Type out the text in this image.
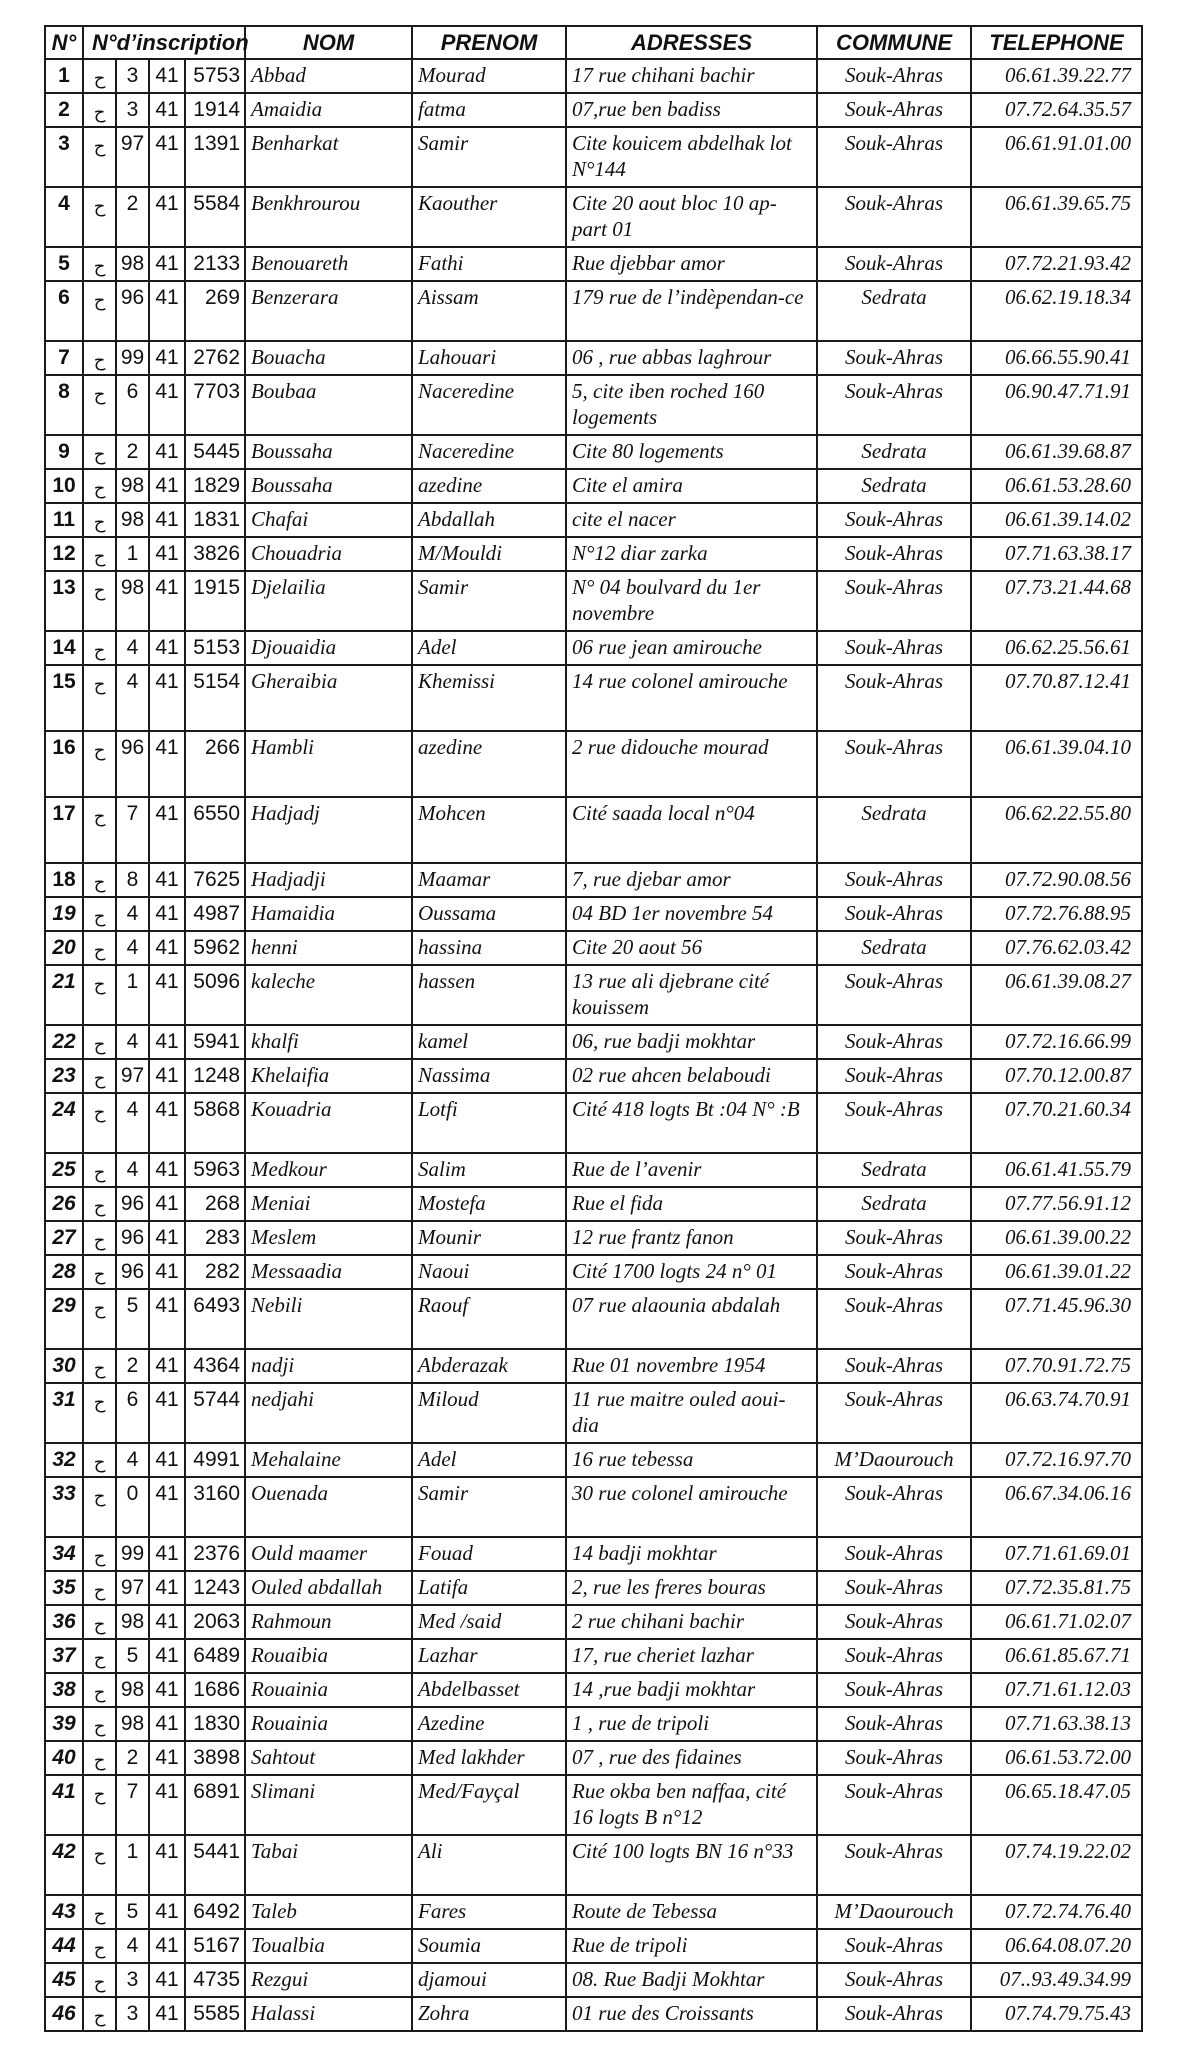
N°	N°d’inscription				NOM	PRENOM	ADRESSES	COMMUNE	TELEPHONE
1	ح	3	41	5753	Abbad	Mourad	17 rue chihani bachir	Souk-Ahras	06.61.39.22.77
2	ح	3	41	1914	Amaidia	fatma	07,rue ben badiss	Souk-Ahras	07.72.64.35.57
3	ح	97	41	1391	Benharkat	Samir	Cite kouicem abdelhak lot N°144	Souk-Ahras	06.61.91.01.00
4	ح	2	41	5584	Benkhrourou	Kaouther	Cite 20 aout bloc 10 ap-part 01	Souk-Ahras	06.61.39.65.75
5	ح	98	41	2133	Benouareth	Fathi	Rue djebbar amor	Souk-Ahras	07.72.21.93.42
6	ح	96	41	269	Benzerara	Aissam	179 rue de l’indèpendan-ce	Sedrata	06.62.19.18.34
7	ح	99	41	2762	Bouacha	Lahouari	06 , rue abbas laghrour	Souk-Ahras	06.66.55.90.41
8	ح	6	41	7703	Boubaa	Naceredine	5, cite iben roched 160 logements	Souk-Ahras	06.90.47.71.91
9	ح	2	41	5445	Boussaha	Naceredine	Cite 80 logements	Sedrata	06.61.39.68.87
10	ح	98	41	1829	Boussaha	azedine	Cite el amira	Sedrata	06.61.53.28.60
11	ح	98	41	1831	Chafai	Abdallah	cite el nacer	Souk-Ahras	06.61.39.14.02
12	ح	1	41	3826	Chouadria	M/Mouldi	N°12 diar zarka	Souk-Ahras	07.71.63.38.17
13	ح	98	41	1915	Djelailia	Samir	N° 04 boulvard du 1er novembre	Souk-Ahras	07.73.21.44.68
14	ح	4	41	5153	Djouaidia	Adel	06 rue jean amirouche	Souk-Ahras	06.62.25.56.61
15	ح	4	41	5154	Gheraibia	Khemissi	14 rue colonel amirouche	Souk-Ahras	07.70.87.12.41
16	ح	96	41	266	Hambli	azedine	2 rue didouche mourad	Souk-Ahras	06.61.39.04.10
17	ح	7	41	6550	Hadjadj	Mohcen	Cité saada local n°04	Sedrata	06.62.22.55.80
18	ح	8	41	7625	Hadjadji	Maamar	7, rue djebar amor	Souk-Ahras	07.72.90.08.56
19	ح	4	41	4987	Hamaidia	Oussama	04 BD 1er novembre 54	Souk-Ahras	07.72.76.88.95
20	ح	4	41	5962	henni	hassina	Cite 20 aout 56	Sedrata	07.76.62.03.42
21	ح	1	41	5096	kaleche	hassen	13 rue ali djebrane cité kouissem	Souk-Ahras	06.61.39.08.27
22	ح	4	41	5941	khalfi	kamel	06, rue badji mokhtar	Souk-Ahras	07.72.16.66.99
23	ح	97	41	1248	Khelaifia	Nassima	02 rue ahcen belaboudi	Souk-Ahras	07.70.12.00.87
24	ح	4	41	5868	Kouadria	Lotfi	Cité 418 logts Bt :04 N° :B	Souk-Ahras	07.70.21.60.34
25	ح	4	41	5963	Medkour	Salim	Rue de l’avenir	Sedrata	06.61.41.55.79
26	ح	96	41	268	Meniai	Mostefa	Rue el fida	Sedrata	07.77.56.91.12
27	ح	96	41	283	Meslem	Mounir	12 rue frantz fanon	Souk-Ahras	06.61.39.00.22
28	ح	96	41	282	Messaadia	Naoui	Cité 1700 logts 24 n° 01	Souk-Ahras	06.61.39.01.22
29	ح	5	41	6493	Nebili	Raouf	07 rue alaounia abdalah	Souk-Ahras	07.71.45.96.30
30	ح	2	41	4364	nadji	Abderazak	Rue 01 novembre 1954	Souk-Ahras	07.70.91.72.75
31	ح	6	41	5744	nedjahi	Miloud	11 rue maitre ouled aoui-dia	Souk-Ahras	06.63.74.70.91
32	ح	4	41	4991	Mehalaine	Adel	16 rue tebessa	M’Daourouch	07.72.16.97.70
33	ح	0	41	3160	Ouenada	Samir	30 rue colonel amirouche	Souk-Ahras	06.67.34.06.16
34	ح	99	41	2376	Ould maamer	Fouad	14 badji mokhtar	Souk-Ahras	07.71.61.69.01
35	ح	97	41	1243	Ouled abdallah	Latifa	2, rue les freres bouras	Souk-Ahras	07.72.35.81.75
36	ح	98	41	2063	Rahmoun	Med /said	2 rue chihani bachir	Souk-Ahras	06.61.71.02.07
37	ح	5	41	6489	Rouaibia	Lazhar	17, rue cheriet lazhar	Souk-Ahras	06.61.85.67.71
38	ح	98	41	1686	Rouainia	Abdelbasset	14 ,rue badji mokhtar	Souk-Ahras	07.71.61.12.03
39	ح	98	41	1830	Rouainia	Azedine	1 , rue de tripoli	Souk-Ahras	07.71.63.38.13
40	ح	2	41	3898	Sahtout	Med lakhder	07 , rue des fidaines	Souk-Ahras	06.61.53.72.00
41	ح	7	41	6891	Slimani	Med/Fayçal	Rue okba ben naffaa, cité 16 logts B n°12	Souk-Ahras	06.65.18.47.05
42	ح	1	41	5441	Tabai	Ali	Cité 100 logts BN 16 n°33	Souk-Ahras	07.74.19.22.02
43	ح	5	41	6492	Taleb	Fares	Route de Tebessa	M’Daourouch	07.72.74.76.40
44	ح	4	41	5167	Toualbia	Soumia	Rue de tripoli	Souk-Ahras	06.64.08.07.20
45	ح	3	41	4735	Rezgui	djamoui	08. Rue Badji Mokhtar	Souk-Ahras	07..93.49.34.99
46	ح	3	41	5585	Halassi	Zohra	01 rue des Croissants	Souk-Ahras	07.74.79.75.43
